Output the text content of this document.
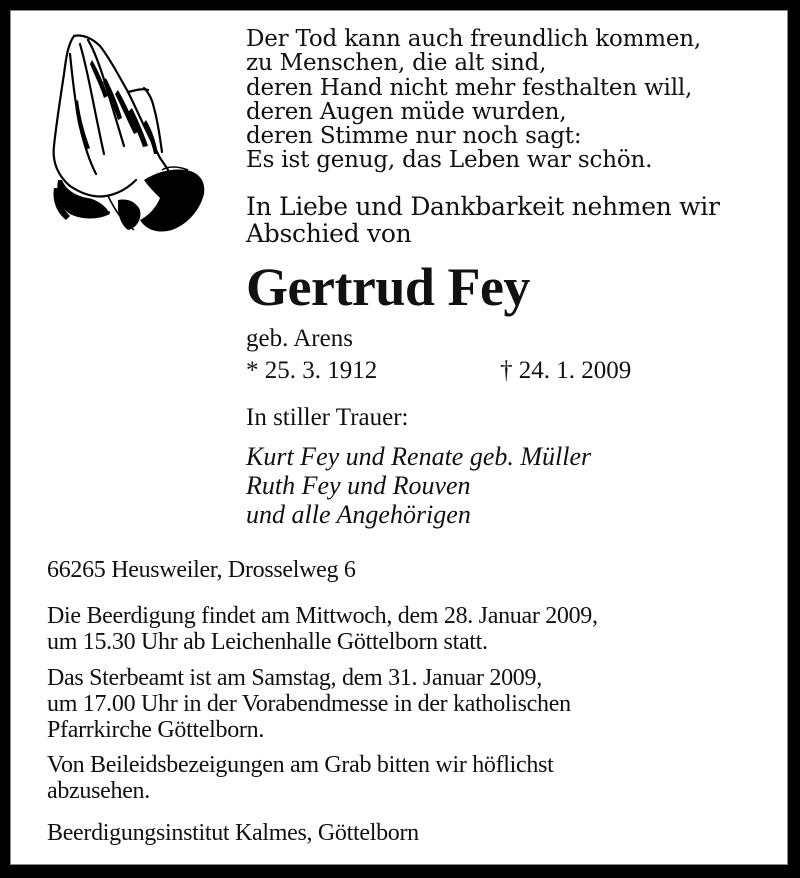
Der Tod kann auch freundlich kommen,
zu Menschen, die alt sind,
deren Hand nicht mehr festhalten will,
deren Augen müde wurden,
deren Stimme nur noch sagt:
Es ist genug, das Leben war schön.
In Liebe und Dankbarkeit nehmen wir
Abschied von
Gertrud Fey
geb. Arens
* 25. 3. 1912	† 24. 1. 2009
In stiller Trauer:
Kurt Fey und Renate geb. Müller
Ruth Fey und Rouven
und alle Angehörigen
66265 Heusweiler, Drosselweg 6
Die Beerdigung findet am Mittwoch, dem 28. Januar 2009,
um 15.30 Uhr ab Leichenhalle Göttelborn statt.
Das Sterbeamt ist am Samstag, dem 31. Januar 2009,
um 17.00 Uhr in der Vorabendmesse in der katholischen
Pfarrkirche Göttelborn.
Von Beileidsbezeigungen am Grab bitten wir höflichst
abzusehen.
Beerdigungsinstitut Kalmes, Göttelborn
